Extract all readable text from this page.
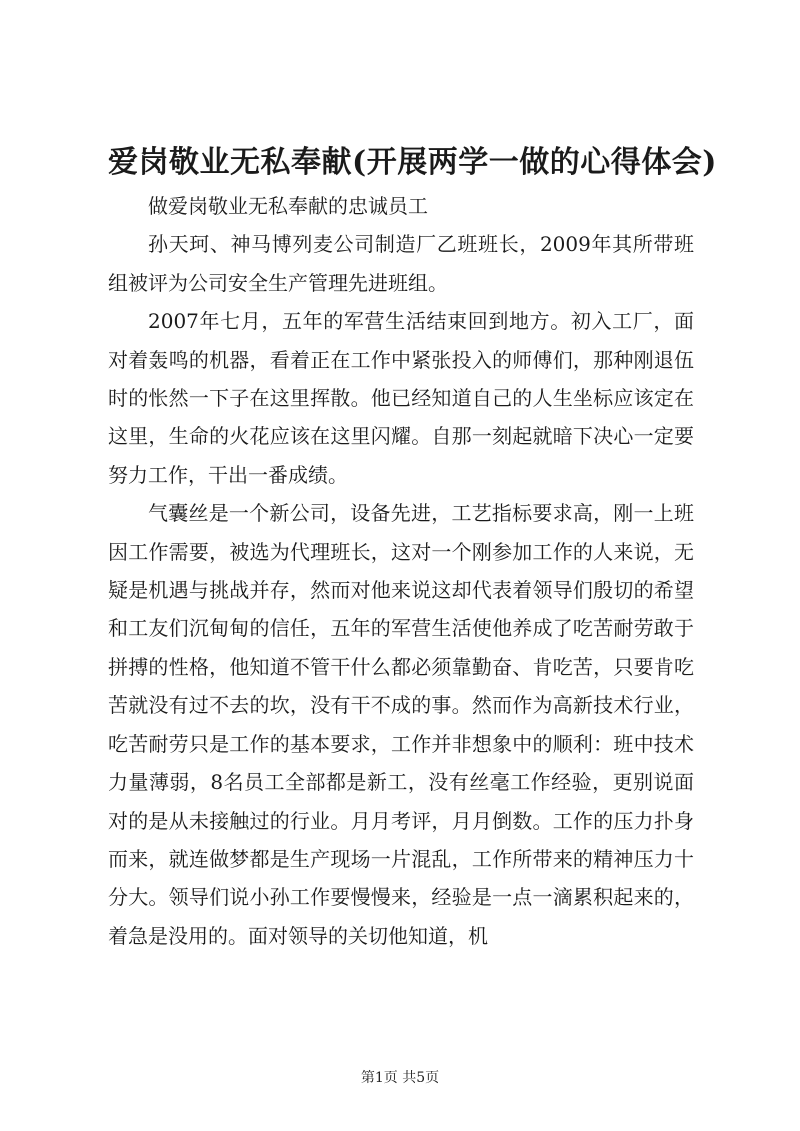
爱岗敬业无私奉献(开展两学一做的心得体会)

做爱岗敬业无私奉献的忠诚员工

孙天珂、神马博列麦公司制造厂乙班班长，2009年其所带班组被评为公司安全生产管理先进班组。

2007年七月，五年的军营生活结束回到地方。初入工厂，面对着轰鸣的机器，看着正在工作中紧张投入的师傅们，那种刚退伍时的怅然一下子在这里挥散。他已经知道自己的人生坐标应该定在这里，生命的火花应该在这里闪耀。自那一刻起就暗下决心一定要努力工作，干出一番成绩。

气囊丝是一个新公司，设备先进，工艺指标要求高，刚一上班因工作需要，被选为代理班长，这对一个刚参加工作的人来说，无疑是机遇与挑战并存，然而对他来说这却代表着领导们殷切的希望和工友们沉甸甸的信任，五年的军营生活使他养成了吃苦耐劳敢于拼搏的性格，他知道不管干什么都必须靠勤奋、肯吃苦，只要肯吃苦就没有过不去的坎，没有干不成的事。然而作为高新技术行业，吃苦耐劳只是工作的基本要求，工作并非想象中的顺利：班中技术力量薄弱，8名员工全部都是新工，没有丝毫工作经验，更别说面对的是从未接触过的行业。月月考评，月月倒数。工作的压力扑身而来，就连做梦都是生产现场一片混乱，工作所带来的精神压力十分大。领导们说小孙工作要慢慢来，经验是一点一滴累积起来的，着急是没用的。面对领导的关切他知道，机

第1页 共5页
